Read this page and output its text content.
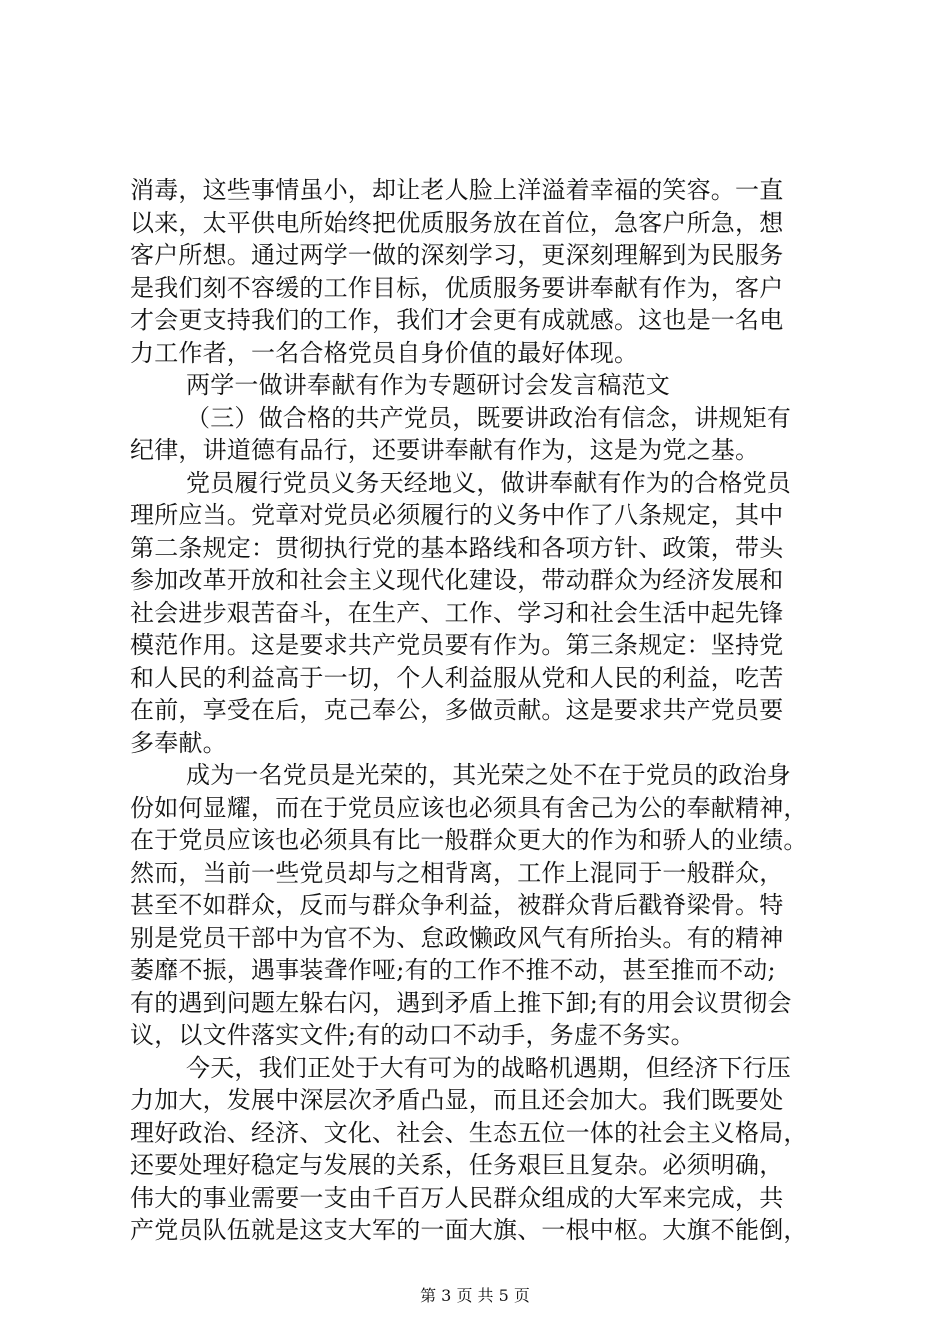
消毒，这些事情虽小，却让老人脸上洋溢着幸福的笑容。一直
以来，太平供电所始终把优质服务放在首位，急客户所急，想
客户所想。通过两学一做的深刻学习，更深刻理解到为民服务
是我们刻不容缓的工作目标，优质服务要讲奉献有作为，客户
才会更支持我们的工作，我们才会更有成就感。这也是一名电
力工作者，一名合格党员自身价值的最好体现。
两学一做讲奉献有作为专题研讨会发言稿范文
（三）做合格的共产党员，既要讲政治有信念，讲规矩有
纪律，讲道德有品行，还要讲奉献有作为，这是为党之基。
党员履行党员义务天经地义，做讲奉献有作为的合格党员
理所应当。党章对党员必须履行的义务中作了八条规定，其中
第二条规定：贯彻执行党的基本路线和各项方针、政策，带头
参加改革开放和社会主义现代化建设，带动群众为经济发展和
社会进步艰苦奋斗，在生产、工作、学习和社会生活中起先锋
模范作用。这是要求共产党员要有作为。第三条规定：坚持党
和人民的利益高于一切，个人利益服从党和人民的利益，吃苦
在前，享受在后，克己奉公，多做贡献。这是要求共产党员要
多奉献。
成为一名党员是光荣的，其光荣之处不在于党员的政治身
份如何显耀，而在于党员应该也必须具有舍己为公的奉献精神，
在于党员应该也必须具有比一般群众更大的作为和骄人的业绩。
然而，当前一些党员却与之相背离，工作上混同于一般群众，
甚至不如群众，反而与群众争利益，被群众背后戳脊梁骨。特
别是党员干部中为官不为、怠政懒政风气有所抬头。有的精神
萎靡不振，遇事装聋作哑;有的工作不推不动，甚至推而不动;
有的遇到问题左躲右闪，遇到矛盾上推下卸;有的用会议贯彻会
议，以文件落实文件;有的动口不动手，务虚不务实。
今天，我们正处于大有可为的战略机遇期，但经济下行压
力加大，发展中深层次矛盾凸显，而且还会加大。我们既要处
理好政治、经济、文化、社会、生态五位一体的社会主义格局，
还要处理好稳定与发展的关系，任务艰巨且复杂。必须明确，
伟大的事业需要一支由千百万人民群众组成的大军来完成，共
产党员队伍就是这支大军的一面大旗、一根中枢。大旗不能倒，
第 3 页 共 5 页
